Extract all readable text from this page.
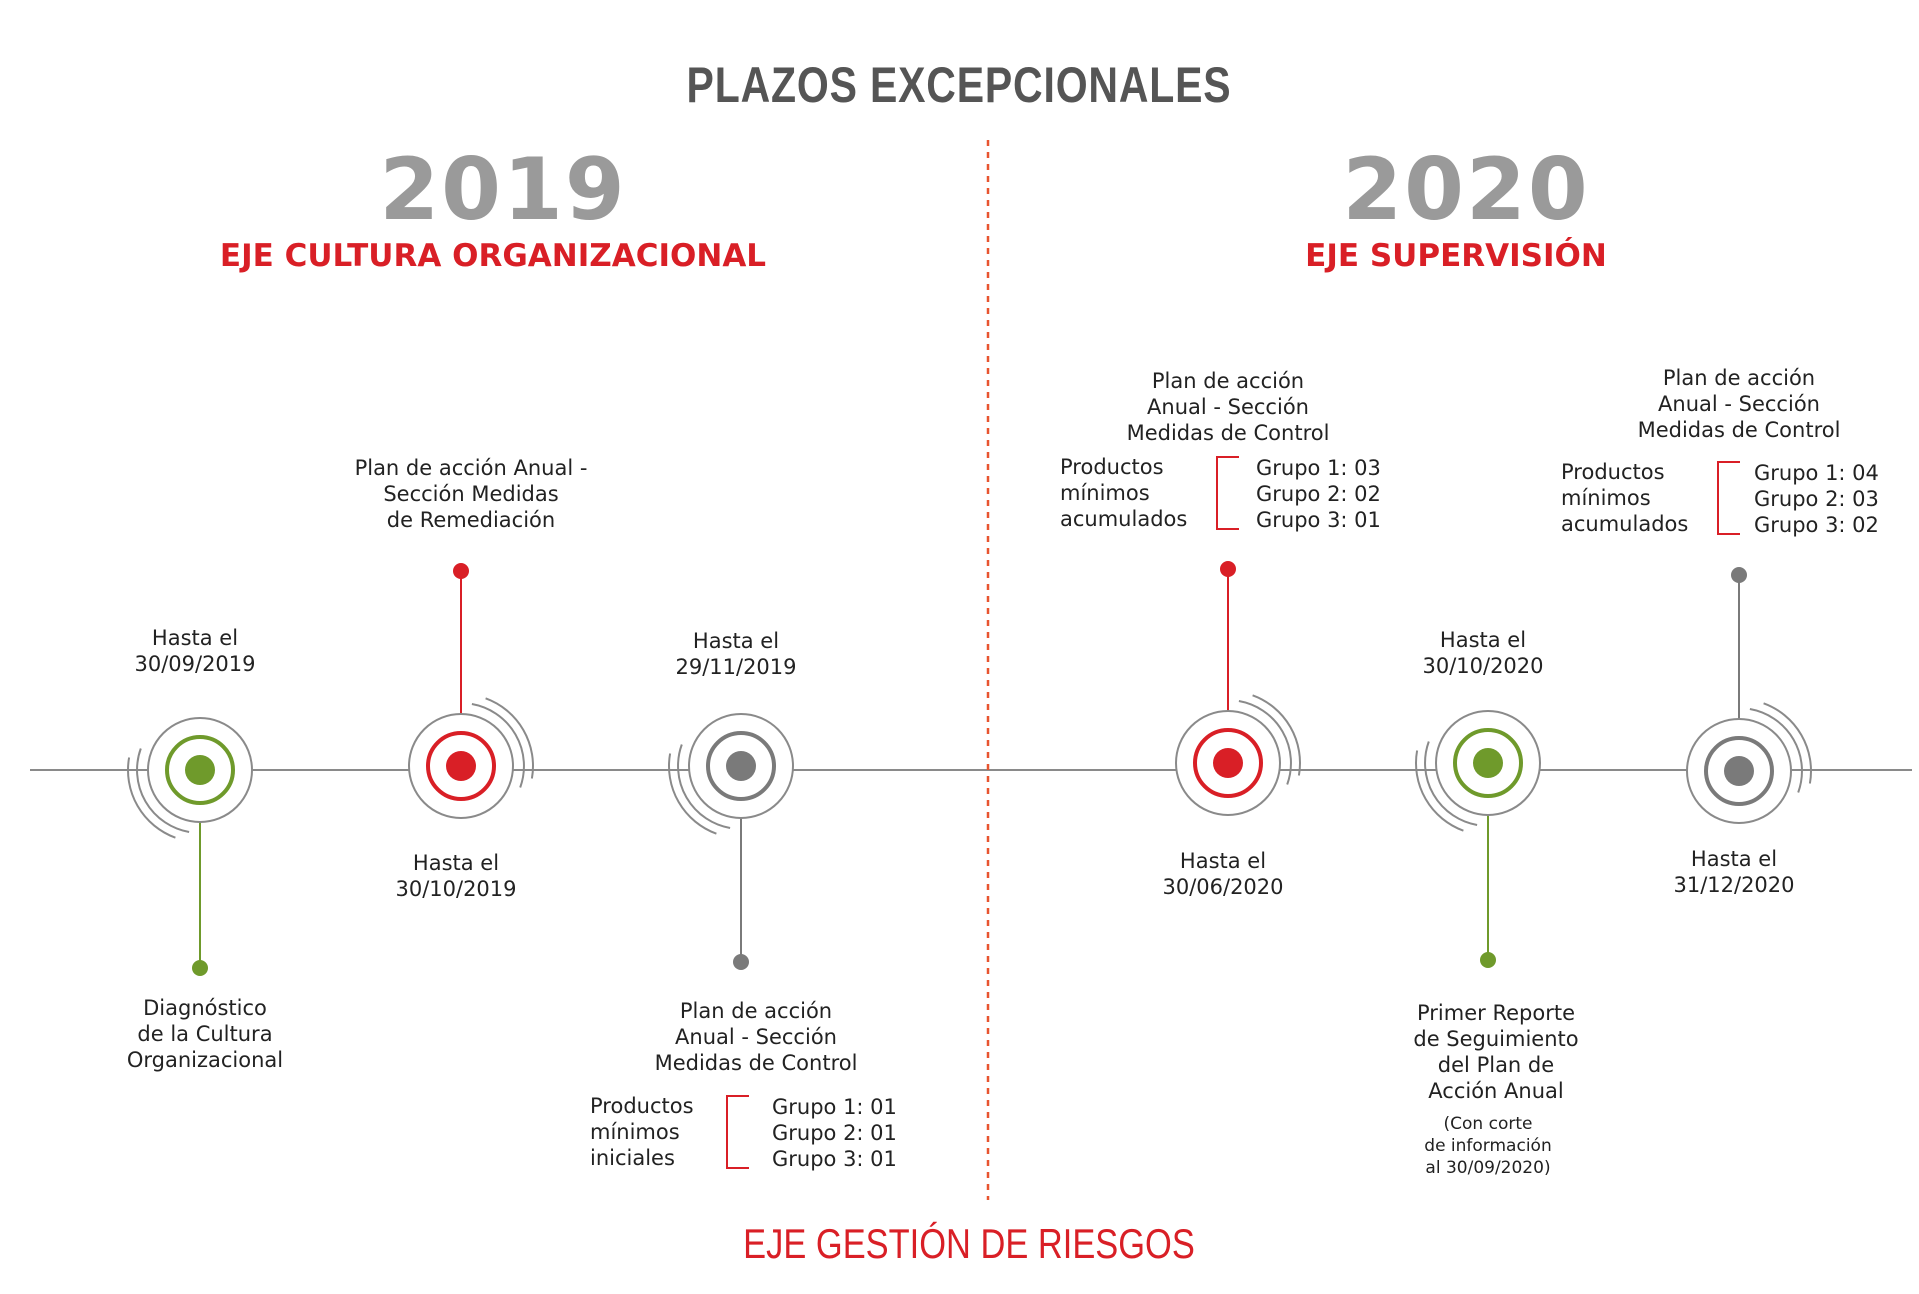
PLAZOS EXCEPCIONALES
2019
EJE CULTURA ORGANIZACIONAL
2020
EJE SUPERVISIÓN
EJE GESTIÓN DE RIESGOS
Hasta el
30/09/2019
Diagnóstico
de la Cultura
Organizacional
Hasta el
30/10/2019
Plan de acción Anual -
Sección Medidas
de Remediación
Hasta el
29/11/2019
Plan de acción
Anual - Sección
Medidas de Control
Productos
mínimos
iniciales
Grupo 1: 01
Grupo 2: 01
Grupo 3: 01
Hasta el
30/06/2020
Plan de acción
Anual - Sección
Medidas de Control
Productos
mínimos
acumulados
Grupo 1: 03
Grupo 2: 02
Grupo 3: 01
Hasta el
30/10/2020
Primer Reporte
de Seguimiento
del Plan de
Acción Anual
(Con corte
de información
al 30/09/2020)
Hasta el
31/12/2020
Plan de acción
Anual - Sección
Medidas de Control
Productos
mínimos
acumulados
Grupo 1: 04
Grupo 2: 03
Grupo 3: 02
